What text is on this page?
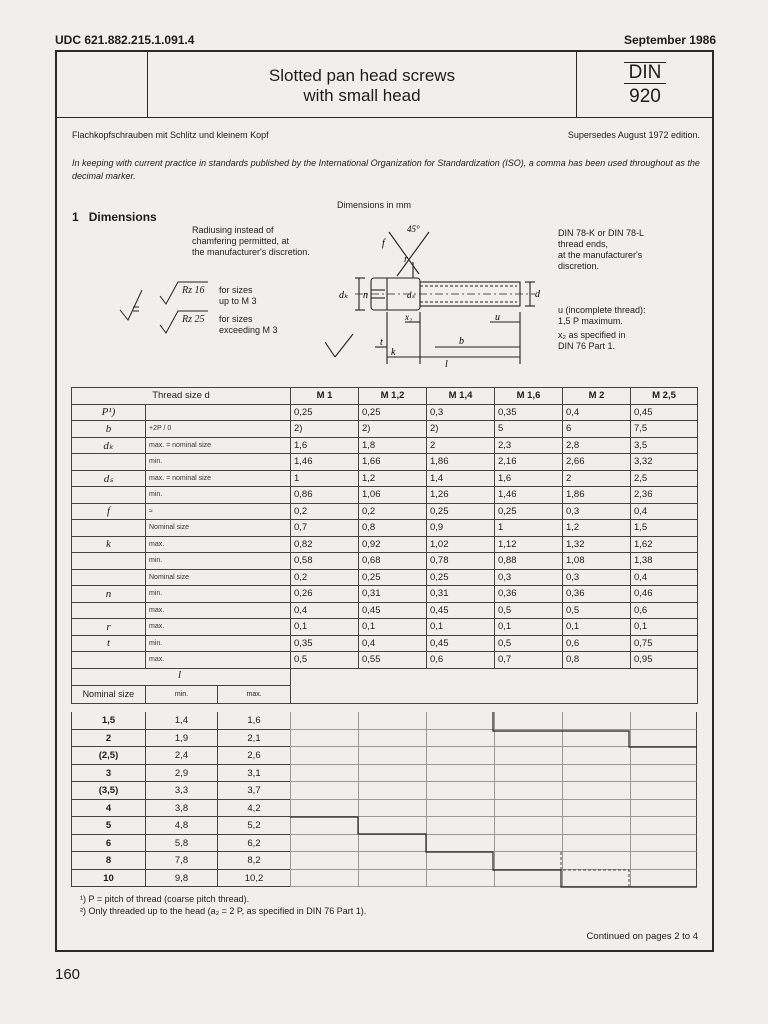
UDC 621.882.215.1.091.4	September 1986
Slotted pan head screws
with small head
DIN
920
Flachkopfschrauben mit Schlitz und kleinem Kopf	Supersedes August 1972 edition.
In keeping with current practice in standards published by the International Organization for Standardization (ISO), a comma has been used throughout as the decimal marker.
1 Dimensions
Dimensions in mm
Radiusing instead of
chamfering permitted, at
the manufacturer's discretion.
DIN 78-K or DIN 78-L
thread ends,
at the manufacturer's
discretion.
u (incomplete thread):
1,5 P maximum.
x₂ as specified in
DIN 76 Part 1.
Rz 16 for sizes
up to M 3
Rz 25 for sizes
exceeding M 3
45°
f
r
dₖ n	dₛ	d
x₂	u
t	b
k
l
Thread size d		M 1	M 1,2	M 1,4	M 1,6	M 2	M 2,5
P¹)		0,25	0,25	0,3	0,35	0,4	0,45
b	+2P / 0	2)	2)	2)	5	6	7,5
dₖ	max. = nominal size	1,6	1,8	2	2,3	2,8	3,5
	min.	1,46	1,66	1,86	2,16	2,66	3,32
dₛ	max. = nominal size	1	1,2	1,4	1,6	2	2,5
	min.	0,86	1,06	1,26	1,46	1,86	2,36
f	≈	0,2	0,2	0,25	0,25	0,3	0,4
	Nominal size	0,7	0,8	0,9	1	1,2	1,5
k	max.	0,82	0,92	1,02	1,12	1,32	1,62
	min.	0,58	0,68	0,78	0,88	1,08	1,38
	Nominal size	0,2	0,25	0,25	0,3	0,3	0,4
n	min.	0,26	0,31	0,31	0,36	0,36	0,46
	max.	0,4	0,45	0,45	0,5	0,5	0,6
r	max.	0,1	0,1	0,1	0,1	0,1	0,1
t	min.	0,35	0,4	0,45	0,5	0,6	0,75
	max.	0,5	0,55	0,6	0,7	0,8	0,95

l
Nominal size min. max.							

1,5	1,4	1,6
2	1,9	2,1
(2,5)	2,4	2,6
3	2,9	3,1
(3,5)	3,3	3,7
4	3,8	4,2
5	4,8	5,2
6	5,8	6,2
8	7,8	8,2
10	9,8	10,2
¹) P = pitch of thread (coarse pitch thread).
²) Only threaded up to the head (a₂ = 2 P, as specified in DIN 76 Part 1).
Continued on pages 2 to 4
160
